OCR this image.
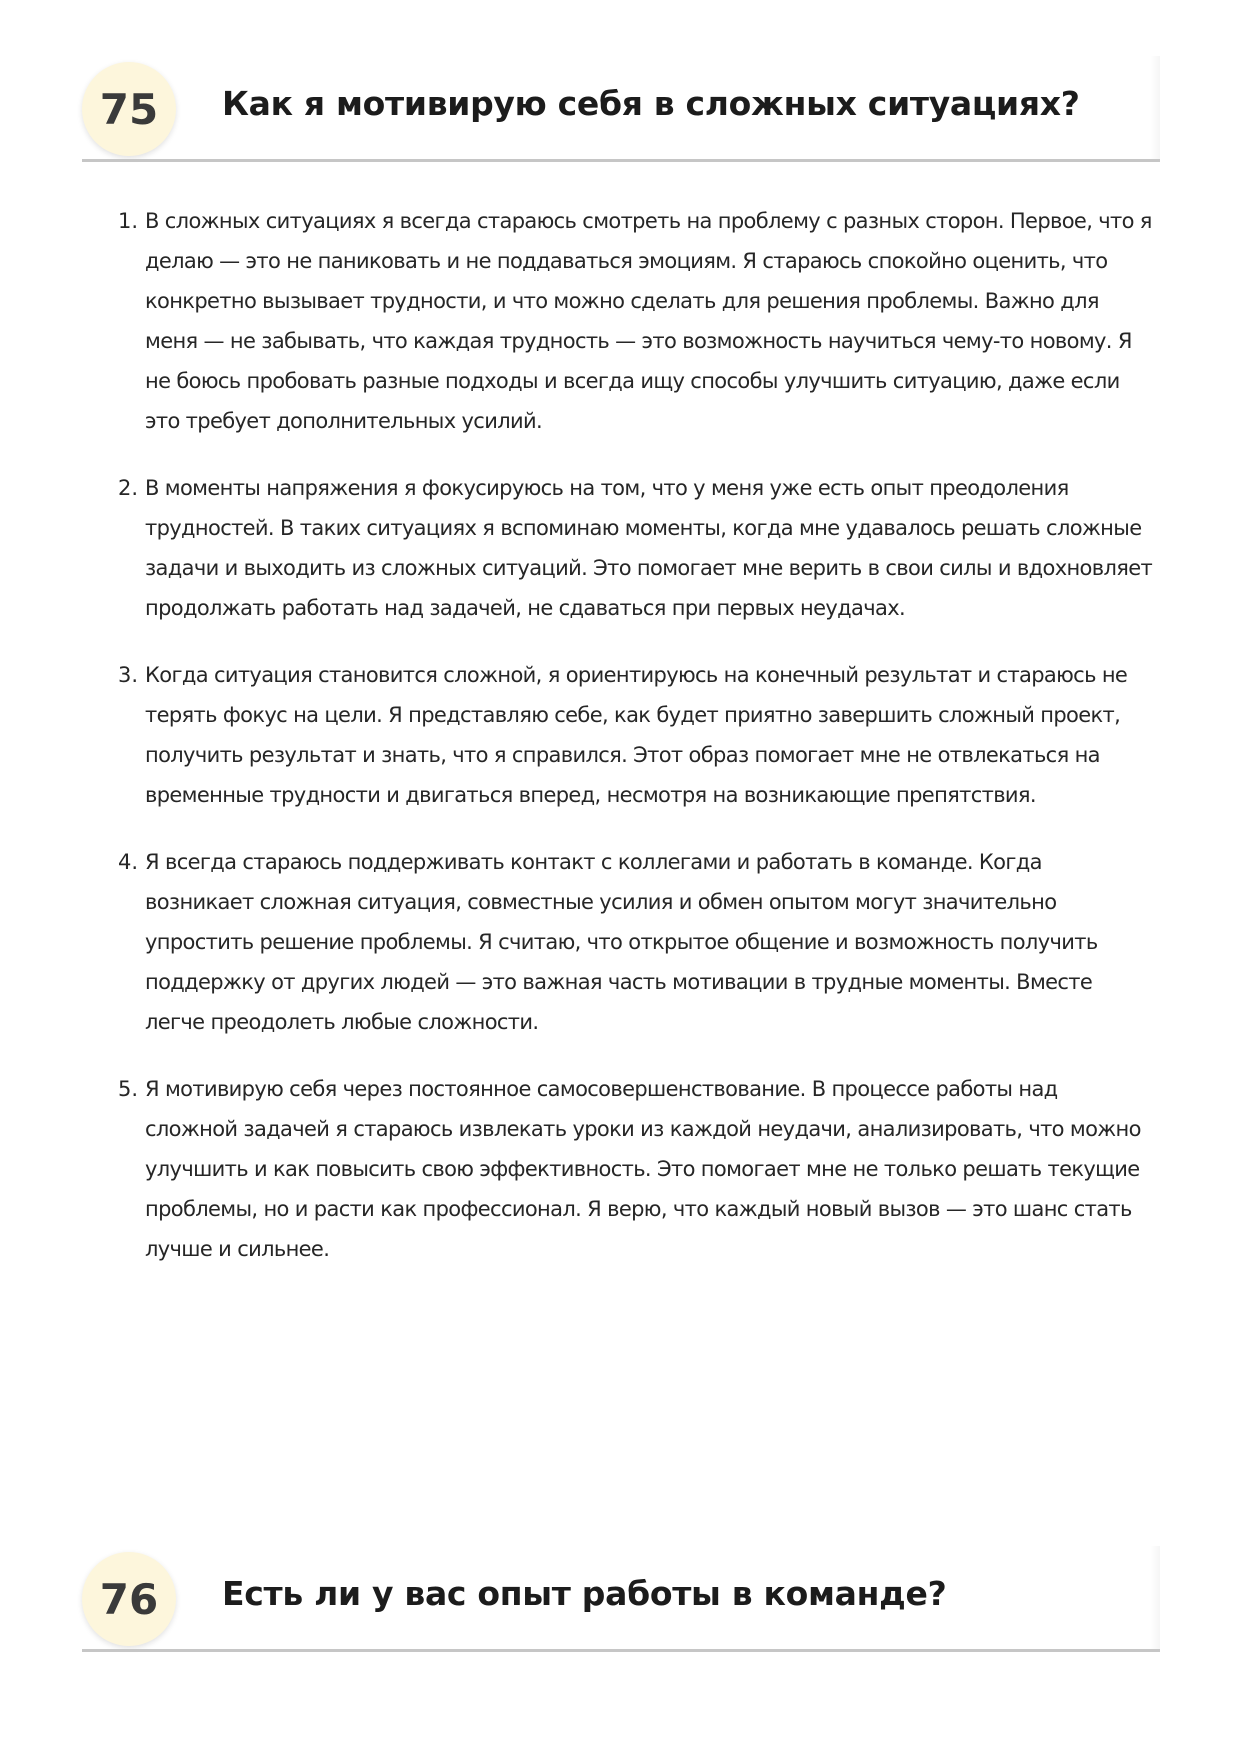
75	Как я мотивирую себя в сложных ситуациях?
1. В сложных ситуациях я всегда стараюсь смотреть на проблему с разных сторон. Первое, что я делаю — это не паниковать и не поддаваться эмоциям. Я стараюсь спокойно оценить, что конкретно вызывает трудности, и что можно сделать для решения проблемы. Важно для меня — не забывать, что каждая трудность — это возможность научиться чему-то новому. Я не боюсь пробовать разные подходы и всегда ищу способы улучшить ситуацию, даже если это требует дополнительных усилий.
2. В моменты напряжения я фокусируюсь на том, что у меня уже есть опыт преодоления трудностей. В таких ситуациях я вспоминаю моменты, когда мне удавалось решать сложные задачи и выходить из сложных ситуаций. Это помогает мне верить в свои силы и вдохновляет продолжать работать над задачей, не сдаваться при первых неудачах.
3. Когда ситуация становится сложной, я ориентируюсь на конечный результат и стараюсь не терять фокус на цели. Я представляю себе, как будет приятно завершить сложный проект, получить результат и знать, что я справился. Этот образ помогает мне не отвлекаться на временные трудности и двигаться вперед, несмотря на возникающие препятствия.
4. Я всегда стараюсь поддерживать контакт с коллегами и работать в команде. Когда возникает сложная ситуация, совместные усилия и обмен опытом могут значительно упростить решение проблемы. Я считаю, что открытое общение и возможность получить поддержку от других людей — это важная часть мотивации в трудные моменты. Вместе легче преодолеть любые сложности.
5. Я мотивирую себя через постоянное самосовершенствование. В процессе работы над сложной задачей я стараюсь извлекать уроки из каждой неудачи, анализировать, что можно улучшить и как повысить свою эффективность. Это помогает мне не только решать текущие проблемы, но и расти как профессионал. Я верю, что каждый новый вызов — это шанс стать лучше и сильнее.
76	Есть ли у вас опыт работы в команде?
